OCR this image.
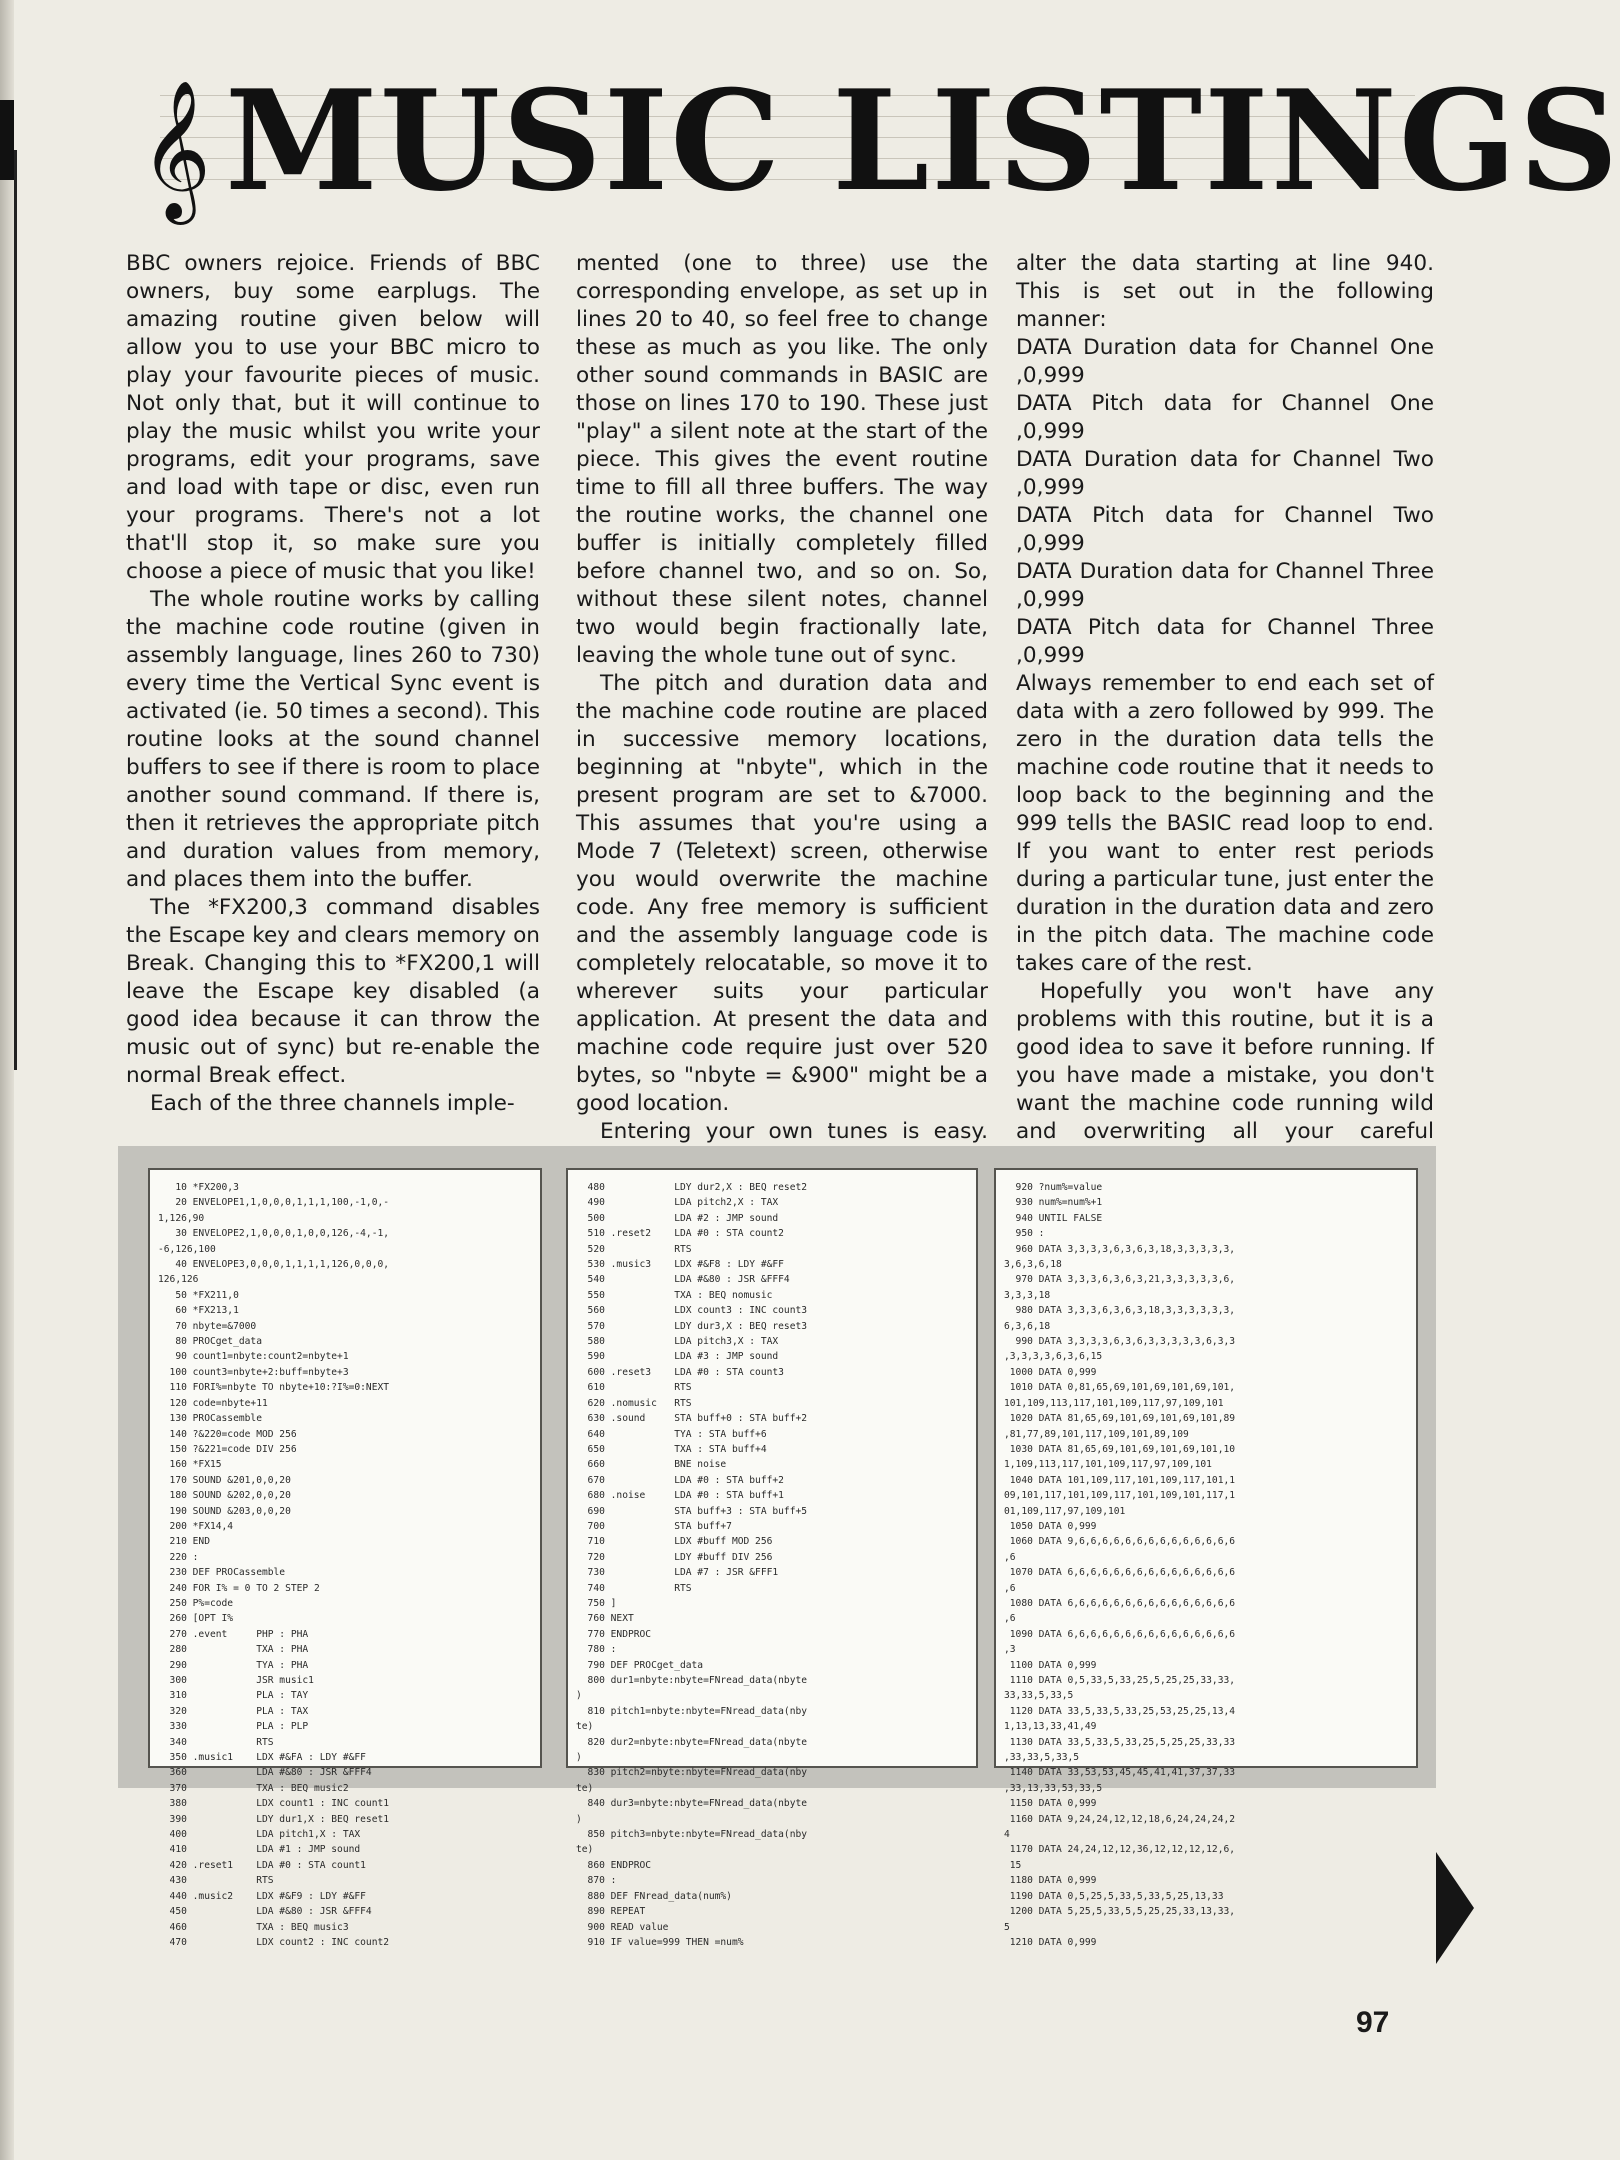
𝄞 MUSIC LISTINGS

BBC owners rejoice. Friends of BBC owners, buy some earplugs. The amazing routine given below will allow you to use your BBC micro to play your favourite pieces of music. Not only that, but it will continue to play the music whilst you write your programs, edit your programs, save and load with tape or disc, even run your programs. There's not a lot that'll stop it, so make sure you choose a piece of music that you like!

The whole routine works by calling the machine code routine (given in assembly language, lines 260 to 730) every time the Vertical Sync event is activated (ie. 50 times a second). This routine looks at the sound channel buffers to see if there is room to place another sound command. If there is, then it retrieves the appropriate pitch and duration values from memory, and places them into the buffer.

The *FX200,3 command disables the Escape key and clears memory on Break. Changing this to *FX200,1 will leave the Escape key disabled (a good idea because it can throw the music out of sync) but re-enable the normal Break effect.

Each of the three channels imple-

mented (one to three) use the corresponding envelope, as set up in lines 20 to 40, so feel free to change these as much as you like. The only other sound commands in BASIC are those on lines 170 to 190. These just "play" a silent note at the start of the piece. This gives the event routine time to fill all three buffers. The way the routine works, the channel one buffer is initially completely filled before channel two, and so on. So, without these silent notes, channel two would begin fractionally late, leaving the whole tune out of sync.

The pitch and duration data and the machine code routine are placed in successive memory locations, beginning at "nbyte", which in the present program are set to &7000. This assumes that you're using a Mode 7 (Teletext) screen, otherwise you would overwrite the machine code. Any free memory is sufficient and the assembly language code is completely relocatable, so move it to wherever suits your particular application. At present the data and machine code require just over 520 bytes, so "nbyte = &900" might be a good location.

Entering your own tunes is easy.

alter the data starting at line 940. This is set out in the following manner:

DATA Duration data for Channel One ,0,999

DATA Pitch data for Channel One ,0,999

DATA Duration data for Channel Two ,0,999

DATA Pitch data for Channel Two ,0,999

DATA Duration data for Channel Three ,0,999

DATA Pitch data for Channel Three ,0,999

Always remember to end each set of data with a zero followed by 999. The zero in the duration data tells the machine code routine that it needs to loop back to the beginning and the 999 tells the BASIC read loop to end. If you want to enter rest periods during a particular tune, just enter the duration in the duration data and zero in the pitch data. The machine code takes care of the rest.

Hopefully you won't have any problems with this routine, but it is a good idea to save it before running. If you have made a mistake, you don't want the machine code running wild and overwriting all your careful

10 *FX200,3
20 ENVELOPE1,1,0,0,0,1,1,1,100,-1,0,-
1,126,90
30 ENVELOPE2,1,0,0,0,1,0,0,126,-4,-1,
-6,126,100
40 ENVELOPE3,0,0,0,1,1,1,1,126,0,0,0,
126,126
50 *FX211,0
60 *FX213,1
70 nbyte=&7000
80 PROCget_data
90 count1=nbyte:count2=nbyte+1
100 count3=nbyte+2:buff=nbyte+3
110 FORI%=nbyte TO nbyte+10:?I%=0:NEXT
120 code=nbyte+11
130 PROCassemble
140 ?&220=code MOD 256
150 ?&221=code DIV 256
160 *FX15
170 SOUND &201,0,0,20
180 SOUND &202,0,0,20
190 SOUND &203,0,0,20
200 *FX14,4
210 END
220 :
230 DEF PROCassemble
240 FOR I% = 0 TO 2 STEP 2
250 P%=code
260 [OPT I%
270 .event     PHP : PHA
280            TXA : PHA
290            TYA : PHA
300            JSR music1
310            PLA : TAY
320            PLA : TAX
330            PLA : PLP
340            RTS
350 .music1    LDX #&FA : LDY #&FF
360            LDA #&80 : JSR &FFF4
370            TXA : BEQ music2
380            LDX count1 : INC count1
390            LDY dur1,X : BEQ reset1
400            LDA pitch1,X : TAX
410            LDA #1 : JMP sound
420 .reset1    LDA #0 : STA count1
430            RTS
440 .music2    LDX #&F9 : LDY #&FF
450            LDA #&80 : JSR &FFF4
460            TXA : BEQ music3
470            LDX count2 : INC count2
480            LDY dur2,X : BEQ reset2
490            LDA pitch2,X : TAX
500            LDA #2 : JMP sound
510 .reset2    LDA #0 : STA count2
520            RTS
530 .music3    LDX #&F8 : LDY #&FF
540            LDA #&80 : JSR &FFF4
550            TXA : BEQ nomusic
560            LDX count3 : INC count3
570            LDY dur3,X : BEQ reset3
580            LDA pitch3,X : TAX
590            LDA #3 : JMP sound
600 .reset3    LDA #0 : STA count3
610            RTS
620 .nomusic   RTS
630 .sound     STA buff+0 : STA buff+2
640            TYA : STA buff+6
650            TXA : STA buff+4
660            BNE noise
670            LDA #0 : STA buff+2
680 .noise     LDA #0 : STA buff+1
690            STA buff+3 : STA buff+5
700            STA buff+7
710            LDX #buff MOD 256
720            LDY #buff DIV 256
730            LDA #7 : JSR &FFF1
740            RTS
750 ]
760 NEXT
770 ENDPROC
780 :
790 DEF PROCget_data
800 dur1=nbyte:nbyte=FNread_data(nbyte
)
810 pitch1=nbyte:nbyte=FNread_data(nby
te)
820 dur2=nbyte:nbyte=FNread_data(nbyte
)
830 pitch2=nbyte:nbyte=FNread_data(nby
te)
840 dur3=nbyte:nbyte=FNread_data(nbyte
)
850 pitch3=nbyte:nbyte=FNread_data(nby
te)
860 ENDPROC
870 :
880 DEF FNread_data(num%)
890 REPEAT
900 READ value
910 IF value=999 THEN =num%
920 ?num%=value
930 num%=num%+1
940 UNTIL FALSE
950 :
960 DATA 3,3,3,3,6,3,6,3,18,3,3,3,3,3,
3,6,3,6,18
970 DATA 3,3,3,6,3,6,3,21,3,3,3,3,3,6,
3,3,3,18
980 DATA 3,3,3,6,3,6,3,18,3,3,3,3,3,3,
6,3,6,18
990 DATA 3,3,3,3,6,3,6,3,3,3,3,3,6,3,3
,3,3,3,3,6,3,6,15
1000 DATA 0,999
1010 DATA 0,81,65,69,101,69,101,69,101,
101,109,113,117,101,109,117,97,109,101
1020 DATA 81,65,69,101,69,101,69,101,89
,81,77,89,101,117,109,101,89,109
1030 DATA 81,65,69,101,69,101,69,101,10
1,109,113,117,101,109,117,97,109,101
1040 DATA 101,109,117,101,109,117,101,1
09,101,117,101,109,117,101,109,101,117,1
01,109,117,97,109,101
1050 DATA 0,999
1060 DATA 9,6,6,6,6,6,6,6,6,6,6,6,6,6,6
,6
1070 DATA 6,6,6,6,6,6,6,6,6,6,6,6,6,6,6
,6
1080 DATA 6,6,6,6,6,6,6,6,6,6,6,6,6,6,6
,6
1090 DATA 6,6,6,6,6,6,6,6,6,6,6,6,6,6,6
,3
1100 DATA 0,999
1110 DATA 0,5,33,5,33,25,5,25,25,33,33,
33,33,5,33,5
1120 DATA 33,5,33,5,33,25,53,25,25,13,4
1,13,13,33,41,49
1130 DATA 33,5,33,5,33,25,5,25,25,33,33
,33,33,5,33,5
1140 DATA 33,53,53,45,45,41,41,37,37,33
,33,13,33,53,33,5
1150 DATA 0,999
1160 DATA 9,24,24,12,12,18,6,24,24,24,2
4
1170 DATA 24,24,12,12,36,12,12,12,12,6,
15
1180 DATA 0,999
1190 DATA 0,5,25,5,33,5,33,5,25,13,33
1200 DATA 5,25,5,33,5,5,25,25,33,13,33,
5
1210 DATA 0,999
97
